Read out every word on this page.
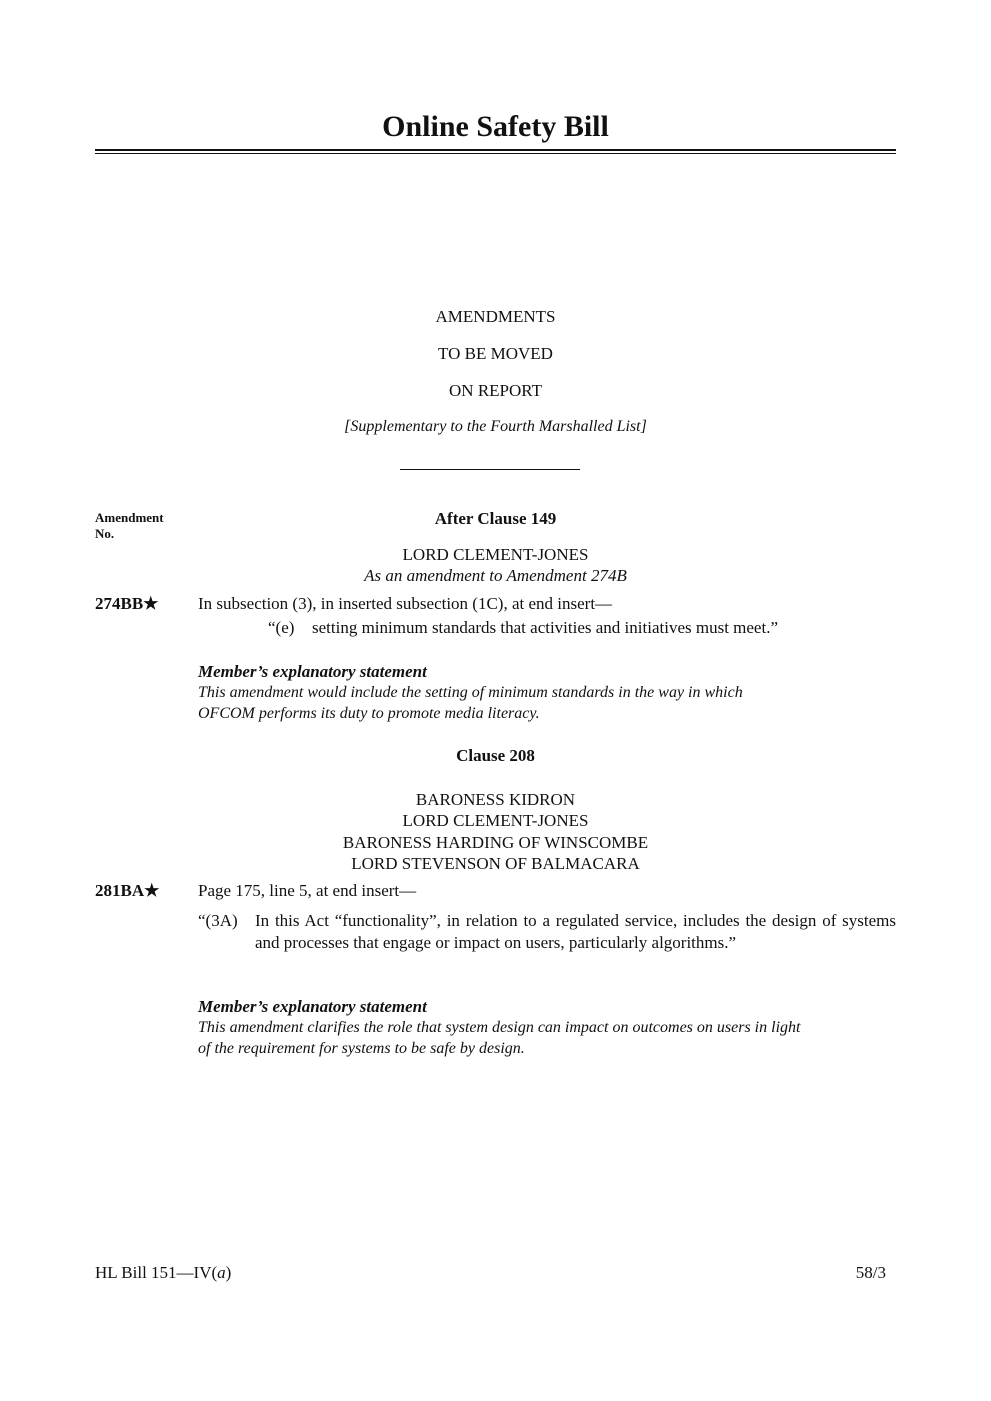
Online Safety Bill
AMENDMENTS
TO BE MOVED
ON REPORT
[Supplementary to the Fourth Marshalled List]
Amendment No.
After Clause 149
LORD CLEMENT-JONES
As an amendment to Amendment 274B
274BB★ In subsection (3), in inserted subsection (1C), at end insert—
“(e) setting minimum standards that activities and initiatives must meet.”
Member’s explanatory statement
This amendment would include the setting of minimum standards in the way in which
OFCOM performs its duty to promote media literacy.
Clause 208
BARONESS KIDRON
LORD CLEMENT-JONES
BARONESS HARDING OF WINSCOMBE
LORD STEVENSON OF BALMACARA
281BA★ Page 175, line 5, at end insert—
“(3A) In this Act “functionality”, in relation to a regulated service, includes the design of systems and processes that engage or impact on users, particularly algorithms.”
Member’s explanatory statement
This amendment clarifies the role that system design can impact on outcomes on users in light
of the requirement for systems to be safe by design.
HL Bill 151—IV(a)	58/3
